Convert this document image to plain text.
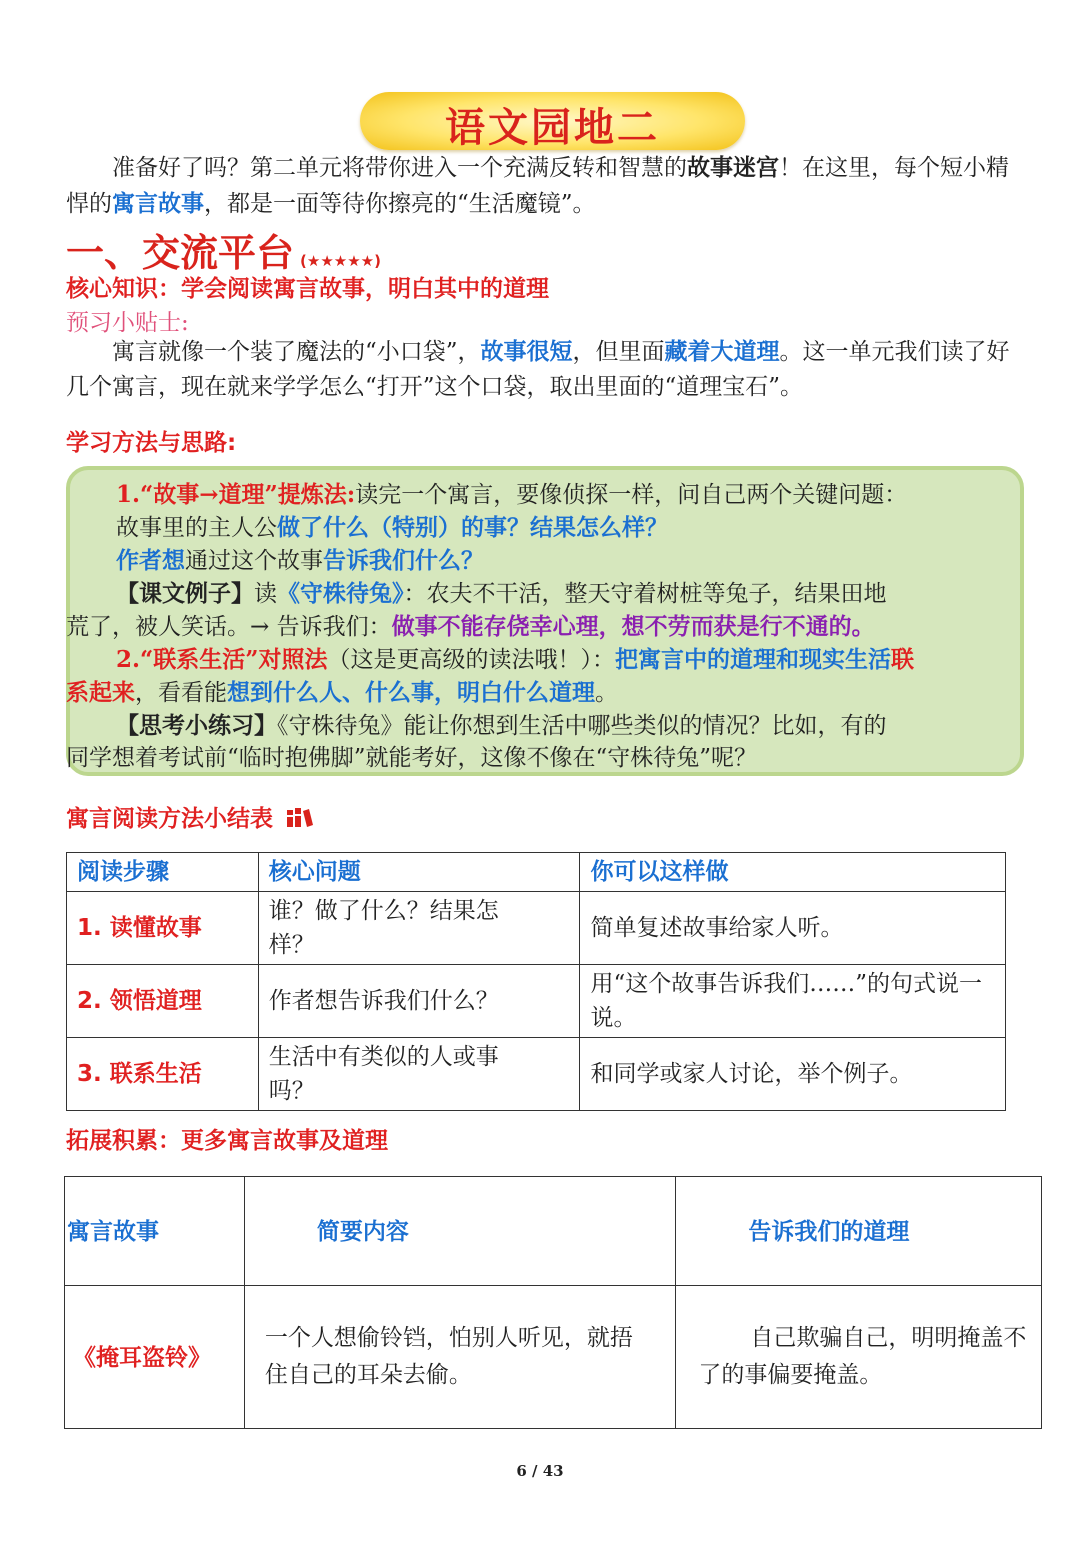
语文园地二
准备好了吗？第二单元将带你进入一个充满反转和智慧的故事迷宫！在这里，每个短小精悍的寓言故事，都是一面等待你擦亮的“生活魔镜”。
一、交流平台 (★★★★★)
核心知识：学会阅读寓言故事，明白其中的道理
预习小贴士:
寓言就像一个装了魔法的“小口袋”，故事很短，但里面藏着大道理。这一单元我们读了好几个寓言，现在就来学学怎么“打开”这个口袋，取出里面的“道理宝石”。
学习方法与思路:
1.“故事→道理”提炼法:读完一个寓言，要像侦探一样，问自己两个关键问题：
故事里的主人公做了什么（特别）的事？结果怎么样？
作者想通过这个故事告诉我们什么？
【课文例子】读《守株待兔》：农夫不干活，整天守着树桩等兔子，结果田地
荒了，被人笑话。→ 告诉我们：做事不能存侥幸心理，想不劳而获是行不通的。
2.“联系生活”对照法（这是更高级的读法哦！）：把寓言中的道理和现实生活联
系起来，看看能想到什么人、什么事，明白什么道理。
【思考小练习】《守株待兔》能让你想到生活中哪些类似的情况？比如，有的
同学想着考试前“临时抱佛脚”就能考好，这像不像在“守株待兔”呢？
寓言阅读方法小结表
阅读步骤	核心问题	你可以这样做
1. 读懂故事	谁？做了什么？结果怎样？	简单复述故事给家人听。
2. 领悟道理	作者想告诉我们什么？	用“这个故事告诉我们……”的句式说一说。
3. 联系生活	生活中有类似的人或事吗？	和同学或家人讨论，举个例子。
拓展积累：更多寓言故事及道理
寓言故事	简要内容	告诉我们的道理
《掩耳盗铃》	一个人想偷铃铛，怕别人听见，就捂住自己的耳朵去偷。	自己欺骗自己，明明掩盖不了的事偏要掩盖。
6 / 43
